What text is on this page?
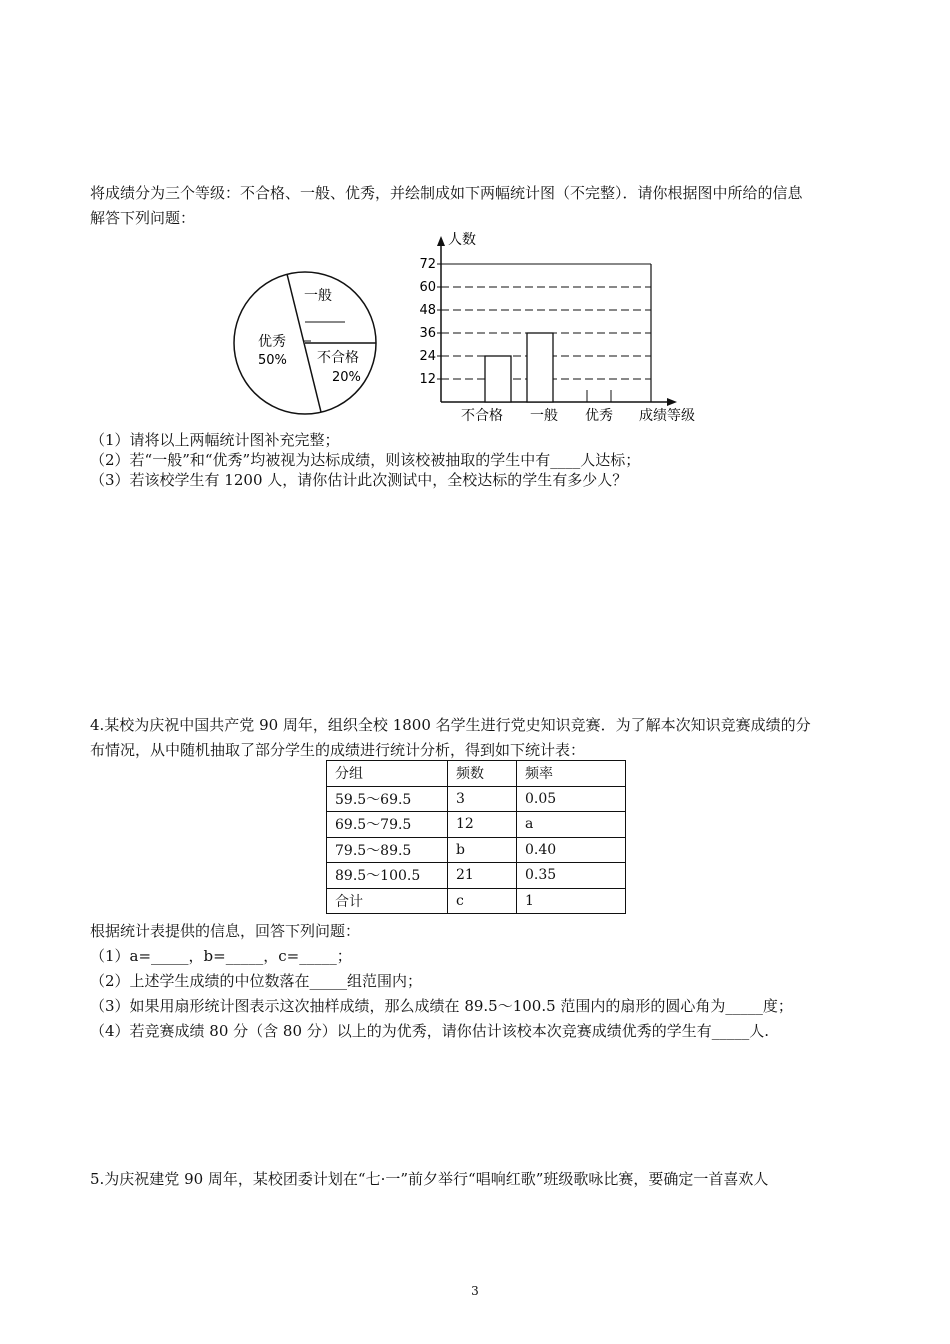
将成绩分为三个等级：不合格、一般、优秀，并绘制成如下两幅统计图（不完整）．请你根据图中所给的信息
解答下列问题：
一般
优秀
50% 不合格
20%
人数
成绩等级
12
24
36
48
60
72
不合格 一般 优秀
（1）请将以上两幅统计图补充完整；
（2）若“一般”和“优秀”均被视为达标成绩，则该校被抽取的学生中有____人达标；
（3）若该校学生有 1200 人，请你估计此次测试中，全校达标的学生有多少人？
4.某校为庆祝中国共产党 90 周年，组织全校 1800 名学生进行党史知识竞赛．为了解本次知识竞赛成绩的分
布情况，从中随机抽取了部分学生的成绩进行统计分析，得到如下统计表：
分组	频数	频率
59.5～69.5	3	0.05
69.5～79.5	12	a
79.5～89.5	b	0.40
89.5～100.5	21	0.35
合计	c	1
根据统计表提供的信息，回答下列问题：
（1）a=_____，b=_____，c=_____；
（2）上述学生成绩的中位数落在_____组范围内；
（3）如果用扇形统计图表示这次抽样成绩，那么成绩在 89.5～100.5 范围内的扇形的圆心角为_____度；
（4）若竞赛成绩 80 分（含 80 分）以上的为优秀，请你估计该校本次竞赛成绩优秀的学生有_____人.
5.为庆祝建党 90 周年，某校团委计划在“七·一”前夕举行“唱响红歌”班级歌咏比赛，要确定一首喜欢人
3
